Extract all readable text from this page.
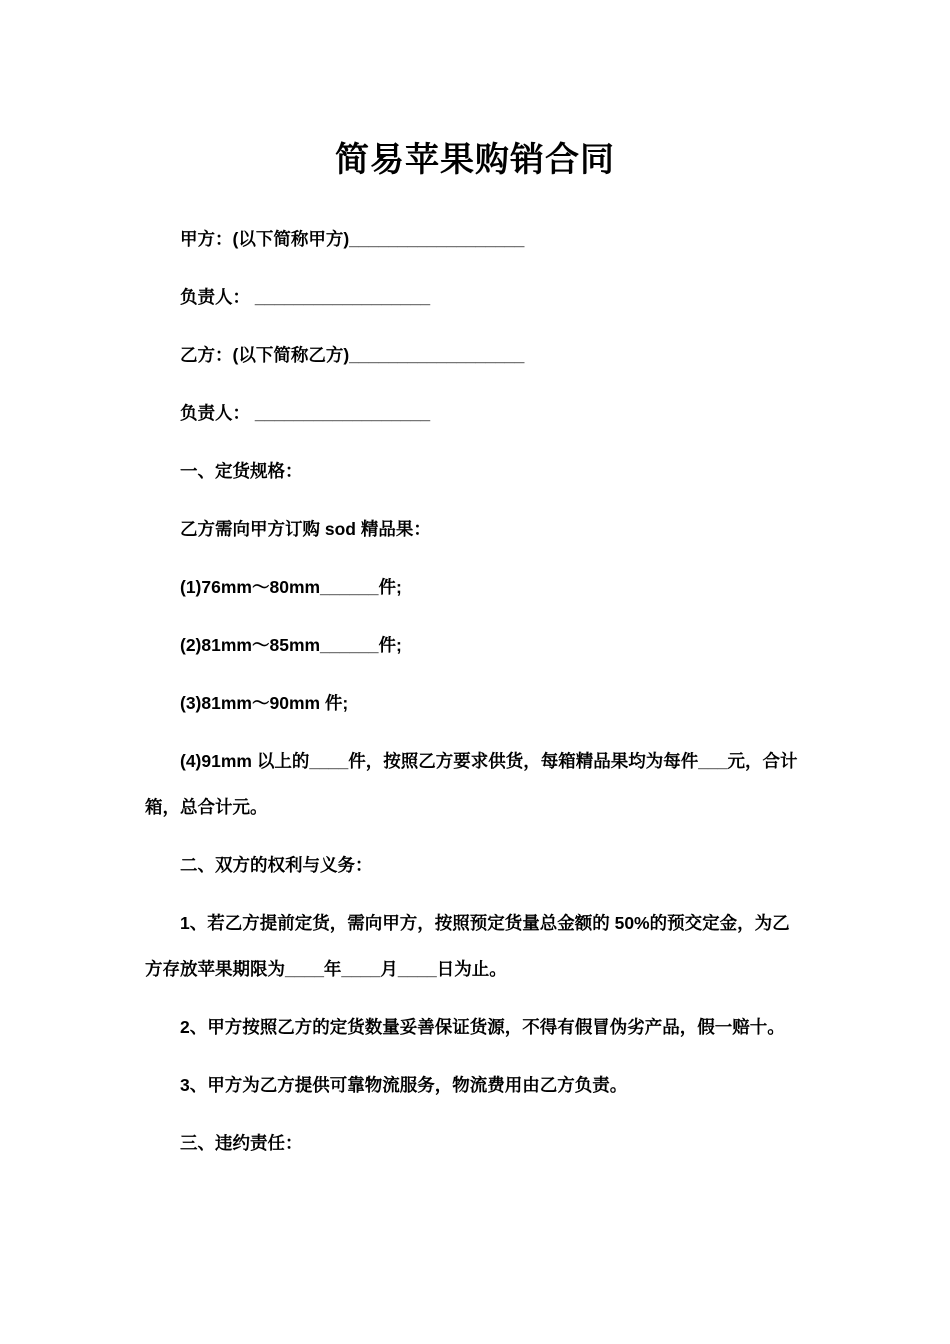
简易苹果购销合同

甲方：(以下简称甲方)__________________

负责人： __________________

乙方：(以下简称乙方)__________________

负责人： __________________

一、定货规格：

乙方需向甲方订购 sod 精品果：

(1)76mm～80mm______件;

(2)81mm～85mm______件;

(3)81mm～90mm 件;

(4)91mm 以上的____件，按照乙方要求供货，每箱精品果均为每件___元，合计箱，总合计元。

二、双方的权利与义务：

1、若乙方提前定货，需向甲方，按照预定货量总金额的 50%的预交定金，为乙方存放苹果期限为____年____月____日为止。

2、甲方按照乙方的定货数量妥善保证货源，不得有假冒伪劣产品，假一赔十。

3、甲方为乙方提供可靠物流服务，物流费用由乙方负责。

三、违约责任：
